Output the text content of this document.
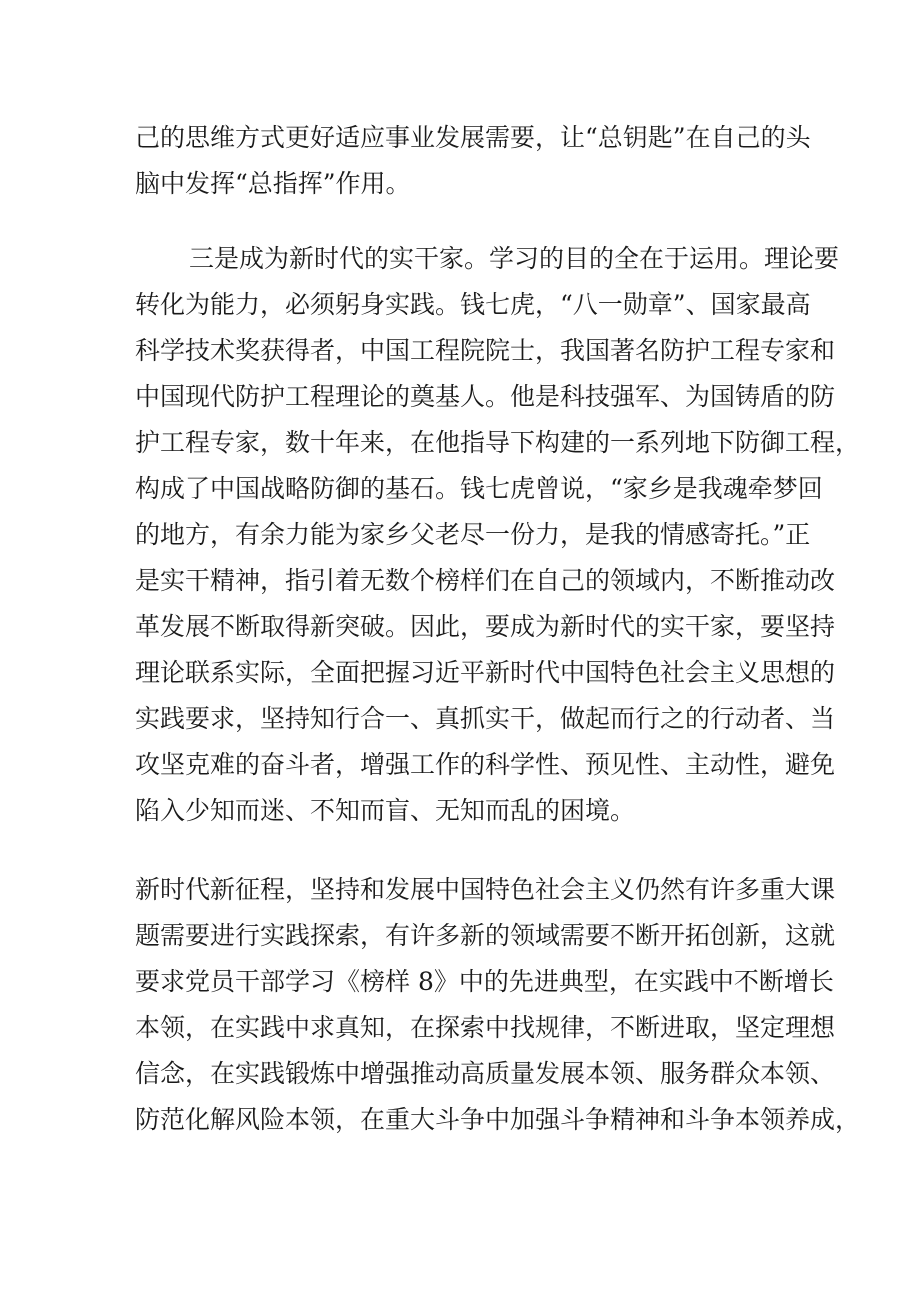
己的思维方式更好适应事业发展需要，让“总钥匙”在自己的头
脑中发挥“总指挥”作用。
三是成为新时代的实干家。学习的目的全在于运用。理论要
转化为能力，必须躬身实践。钱七虎，“八一勋章”、国家最高
科学技术奖获得者，中国工程院院士，我国著名防护工程专家和
中国现代防护工程理论的奠基人。他是科技强军、为国铸盾的防
护工程专家，数十年来，在他指导下构建的一系列地下防御工程，
构成了中国战略防御的基石。钱七虎曾说，“家乡是我魂牵梦回
的地方，有余力能为家乡父老尽一份力，是我的情感寄托。”正
是实干精神，指引着无数个榜样们在自己的领域内，不断推动改
革发展不断取得新突破。因此，要成为新时代的实干家，要坚持
理论联系实际，全面把握习近平新时代中国特色社会主义思想的
实践要求，坚持知行合一、真抓实干，做起而行之的行动者、当
攻坚克难的奋斗者，增强工作的科学性、预见性、主动性，避免
陷入少知而迷、不知而盲、无知而乱的困境。
新时代新征程，坚持和发展中国特色社会主义仍然有许多重大课
题需要进行实践探索，有许多新的领域需要不断开拓创新，这就
要求党员干部学习《榜样 8》中的先进典型，在实践中不断增长
本领，在实践中求真知，在探索中找规律，不断进取，坚定理想
信念，在实践锻炼中增强推动高质量发展本领、服务群众本领、
防范化解风险本领，在重大斗争中加强斗争精神和斗争本领养成，
